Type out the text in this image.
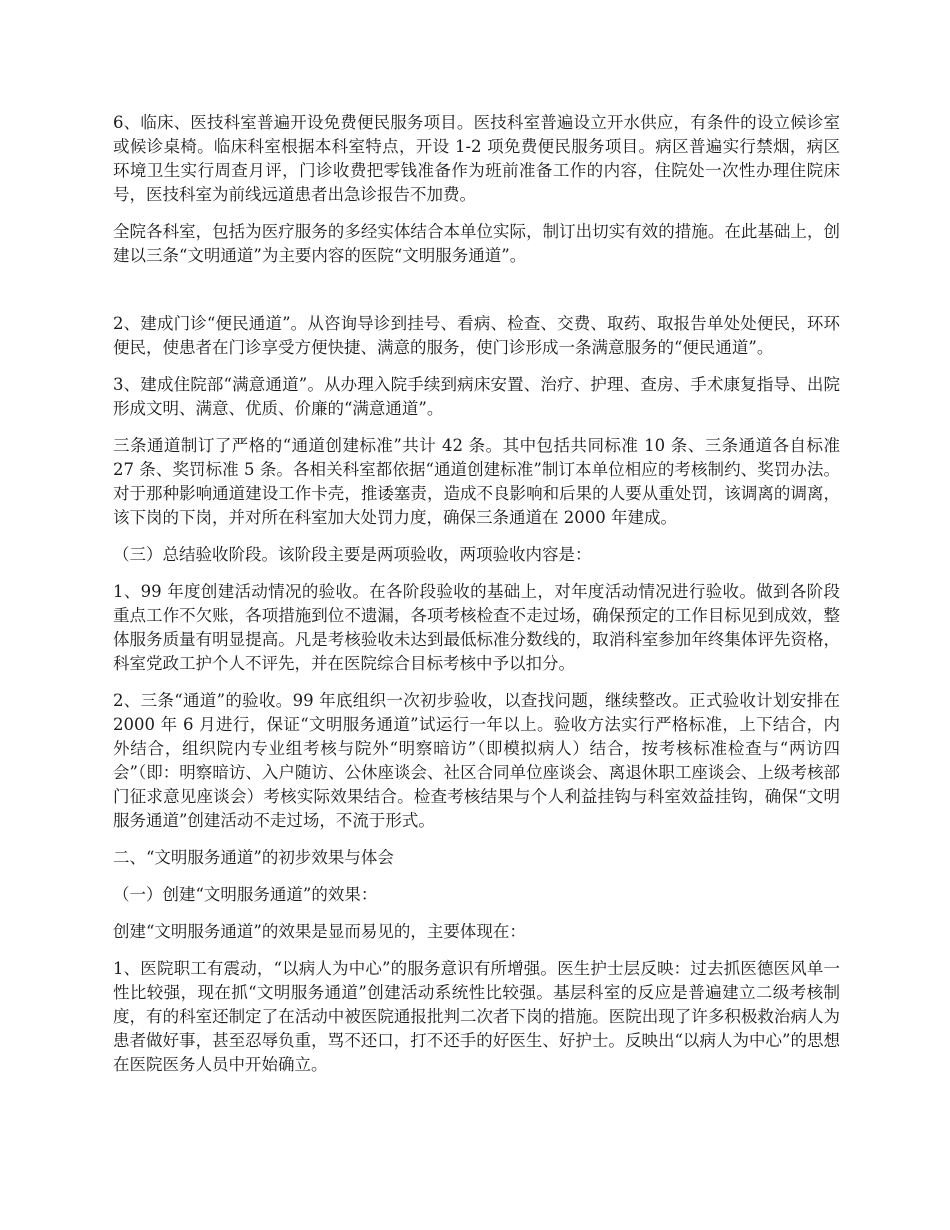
6、临床、医技科室普遍开设免费便民服务项目。医技科室普遍设立开水供应，有条件的设立候诊室或候诊桌椅。临床科室根据本科室特点，开设 1-2 项免费便民服务项目。病区普遍实行禁烟，病区环境卫生实行周查月评，门诊收费把零钱准备作为班前准备工作的内容，住院处一次性办理住院床号，医技科室为前线远道患者出急诊报告不加费。

全院各科室，包括为医疗服务的多经实体结合本单位实际，制订出切实有效的措施。在此基础上，创建以三条“文明通道”为主要内容的医院“文明服务通道”。

2、建成门诊“便民通道”。从咨询导诊到挂号、看病、检查、交费、取药、取报告单处处便民，环环便民，使患者在门诊享受方便快捷、满意的服务，使门诊形成一条满意服务的“便民通道”。

3、建成住院部“满意通道”。从办理入院手续到病床安置、治疗、护理、查房、手术康复指导、出院形成文明、满意、优质、价廉的“满意通道”。

三条通道制订了严格的“通道创建标准”共计 42 条。其中包括共同标准 10 条、三条通道各自标准 27 条、奖罚标准 5 条。各相关科室都依据“通道创建标准”制订本单位相应的考核制约、奖罚办法。对于那种影响通道建设工作卡壳，推诿塞责，造成不良影响和后果的人要从重处罚，该调离的调离，该下岗的下岗，并对所在科室加大处罚力度，确保三条通道在 2000 年建成。

（三）总结验收阶段。该阶段主要是两项验收，两项验收内容是：

1、99 年度创建活动情况的验收。在各阶段验收的基础上，对年度活动情况进行验收。做到各阶段重点工作不欠账，各项措施到位不遗漏，各项考核检查不走过场，确保预定的工作目标见到成效，整体服务质量有明显提高。凡是考核验收未达到最低标准分数线的，取消科室参加年终集体评先资格，科室党政工护个人不评先，并在医院综合目标考核中予以扣分。

2、三条“通道”的验收。99 年底组织一次初步验收，以查找问题，继续整改。正式验收计划安排在 2000 年 6 月进行，保证“文明服务通道”试运行一年以上。验收方法实行严格标准，上下结合，内外结合，组织院内专业组考核与院外“明察暗访”（即模拟病人）结合，按考核标准检查与“两访四会”（即：明察暗访、入户随访、公休座谈会、社区合同单位座谈会、离退休职工座谈会、上级考核部门征求意见座谈会）考核实际效果结合。检查考核结果与个人利益挂钩与科室效益挂钩，确保“文明服务通道”创建活动不走过场，不流于形式。

二、“文明服务通道”的初步效果与体会

（一）创建“文明服务通道”的效果：

创建“文明服务通道”的效果是显而易见的，主要体现在：

1、医院职工有震动，“以病人为中心”的服务意识有所增强。医生护士层反映：过去抓医德医风单一性比较强，现在抓“文明服务通道”创建活动系统性比较强。基层科室的反应是普遍建立二级考核制度，有的科室还制定了在活动中被医院通报批判二次者下岗的措施。医院出现了许多积极救治病人为患者做好事，甚至忍辱负重，骂不还口，打不还手的好医生、好护士。反映出“以病人为中心”的思想在医院医务人员中开始确立。
